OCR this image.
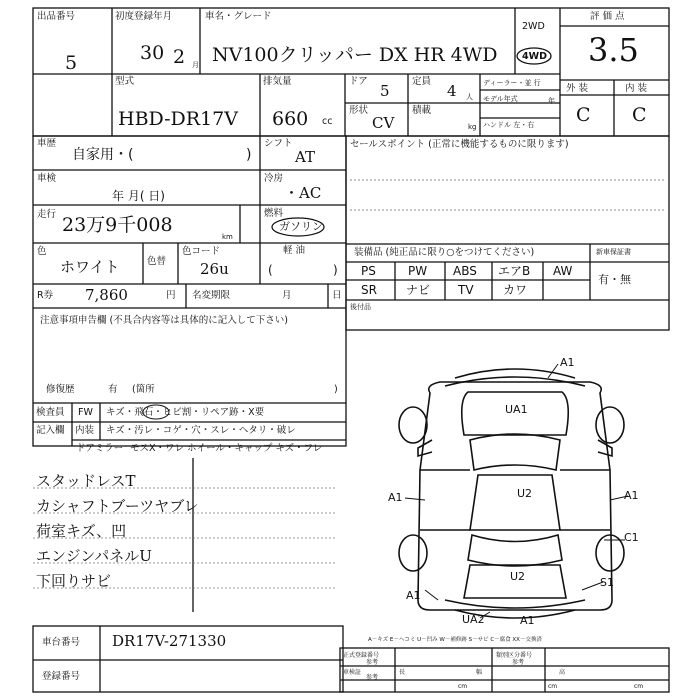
出品番号
5
初度登録年月
30 2 月
車名・グレード
NV100クリッパー DX HR 4WD
2WD
4WD
評 価 点
3.5
型式
HBD-DR17V
排気量
660 cc
ドア
5
定員
4 人
ディーラー・並 行
モデル年式	年
形状
CV
積載
kg ハンドル 左・右
外 装	内 装
C C
車歴
自家用・(	)
シフト
AT
車検
年 月( 日)
冷房
・AC
走行 23万9千008
km
燃料
ガソリン
色
ホワイト	色替
色コード
26u
軽 油
(	)
R券 7,860	円 名変期限	月	日
注意事項申告欄 (不具合内容等は具体的に記入して下さい)
修復歴	有 (箇所	)
セールスポイント (正常に機能するものに限ります)
装備品 (純正品に限り○をつけてください)	新車保証書
有・無
PS	PW ABS エアB AW
SR ナビ TV カワ
後付品
検査員
記入欄
FW キズ・飛石・ヒビ割・リペア跡・X要
内装 キズ・汚レ・コゲ・穴・スレ・ヘタリ・破レ
ドアミラー モスX・ワレ ホイール・キャップ キズ・フレ
スタッドレスT
カシャフトブーツヤブレ
荷室キズ、凹
エンジンパネルU
下回りサビ
A1
UA1
A1	U2	A1
U2
C1
A1
S1
UA2	A1
車台番号 DR17V-271330
登録番号
A－キズ E－ヘコミ U－凹み W－補修跡 S－サビ C－腐食 XX－交換済
正式登録番号
参考
車検証
参考
長
cm
幅
cm
高
cm
類別区分番号
参考
